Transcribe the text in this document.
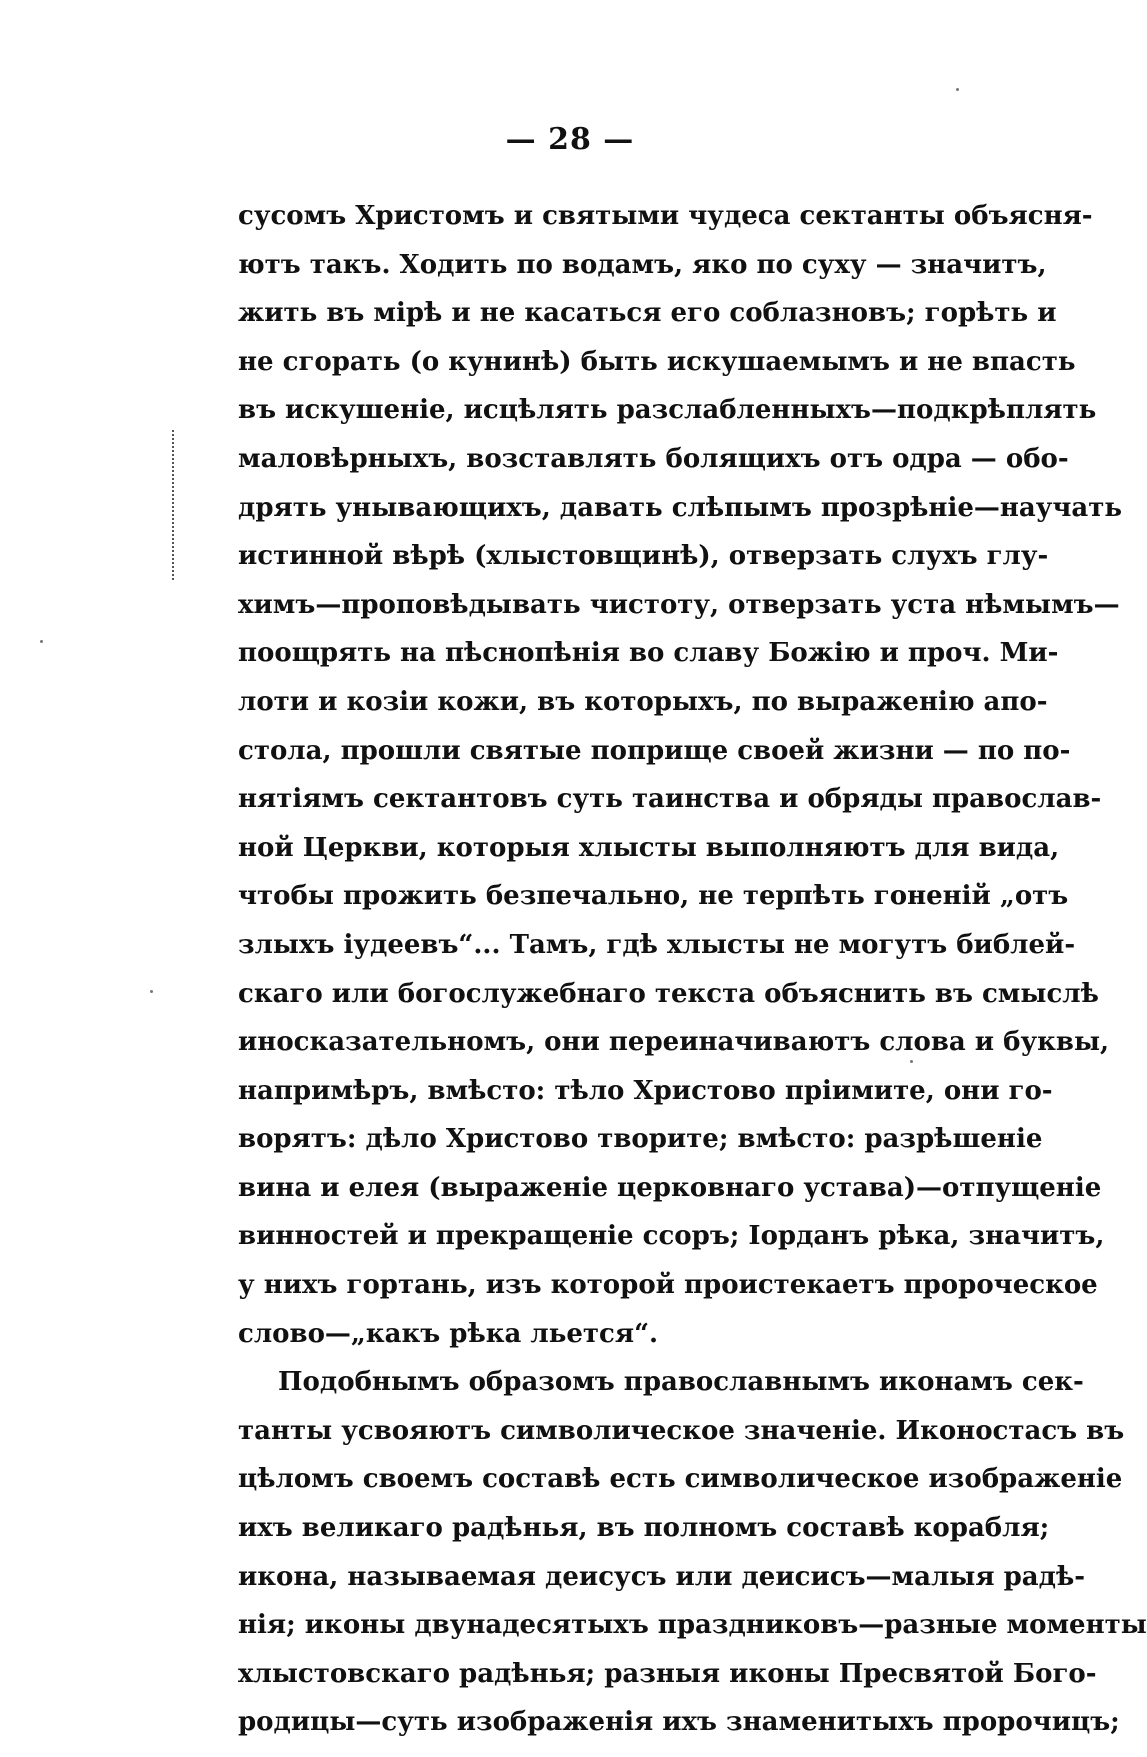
— 28 —
сусомъ Христомъ и святыми чудеса сектанты объясня-
ютъ такъ. Ходить по водамъ, яко по суху — значитъ,
жить въ мірѣ и не касаться его соблазновъ; горѣть и
не сгорать (о кунинѣ) быть искушаемымъ и не впасть
въ искушеніе, исцѣлять разслабленныхъ—подкрѣплять
маловѣрныхъ, возставлять болящихъ отъ одра — обо-
дрять унывающихъ, давать слѣпымъ прозрѣніе—научать
истинной вѣрѣ (хлыстовщинѣ), отверзать слухъ глу-
химъ—проповѣдывать чистоту, отверзать уста нѣмымъ—
поощрять на пѣснопѣнія во славу Божію и проч. Ми-
лоти и козіи кожи, въ которыхъ, по выраженію апо-
стола, прошли святые поприще своей жизни — по по-
нятіямъ сектантовъ суть таинства и обряды православ-
ной Церкви, которыя хлысты выполняютъ для вида,
чтобы прожить безпечально, не терпѣть гоненій „отъ
злыхъ іудеевъ“... Тамъ, гдѣ хлысты не могутъ библей-
скаго или богослужебнаго текста объяснить въ смыслѣ
иносказательномъ, они переиначиваютъ слова и буквы,
напримѣръ, вмѣсто: тѣло Христово пріимите, они го-
ворятъ: дѣло Христово творите; вмѣсто: разрѣшеніе
вина и елея (выраженіе церковнаго устава)—отпущеніе
винностей и прекращеніе ссоръ; Іорданъ рѣка, значитъ,
у нихъ гортань, изъ которой проистекаетъ пророческое
слово—„какъ рѣка льется“.
Подобнымъ образомъ православнымъ иконамъ сек-
танты усвояютъ символическое значеніе. Иконостасъ въ
цѣломъ своемъ составѣ есть символическое изображеніе
ихъ великаго радѣнья, въ полномъ составѣ корабля;
икона, называемая деисусъ или деисисъ—малыя радѣ-
нія; иконы двунадесятыхъ праздниковъ—разные моменты
хлыстовскаго радѣнья; разныя иконы Пресвятой Бого-
родицы—суть изображенія ихъ знаменитыхъ пророчицъ;
